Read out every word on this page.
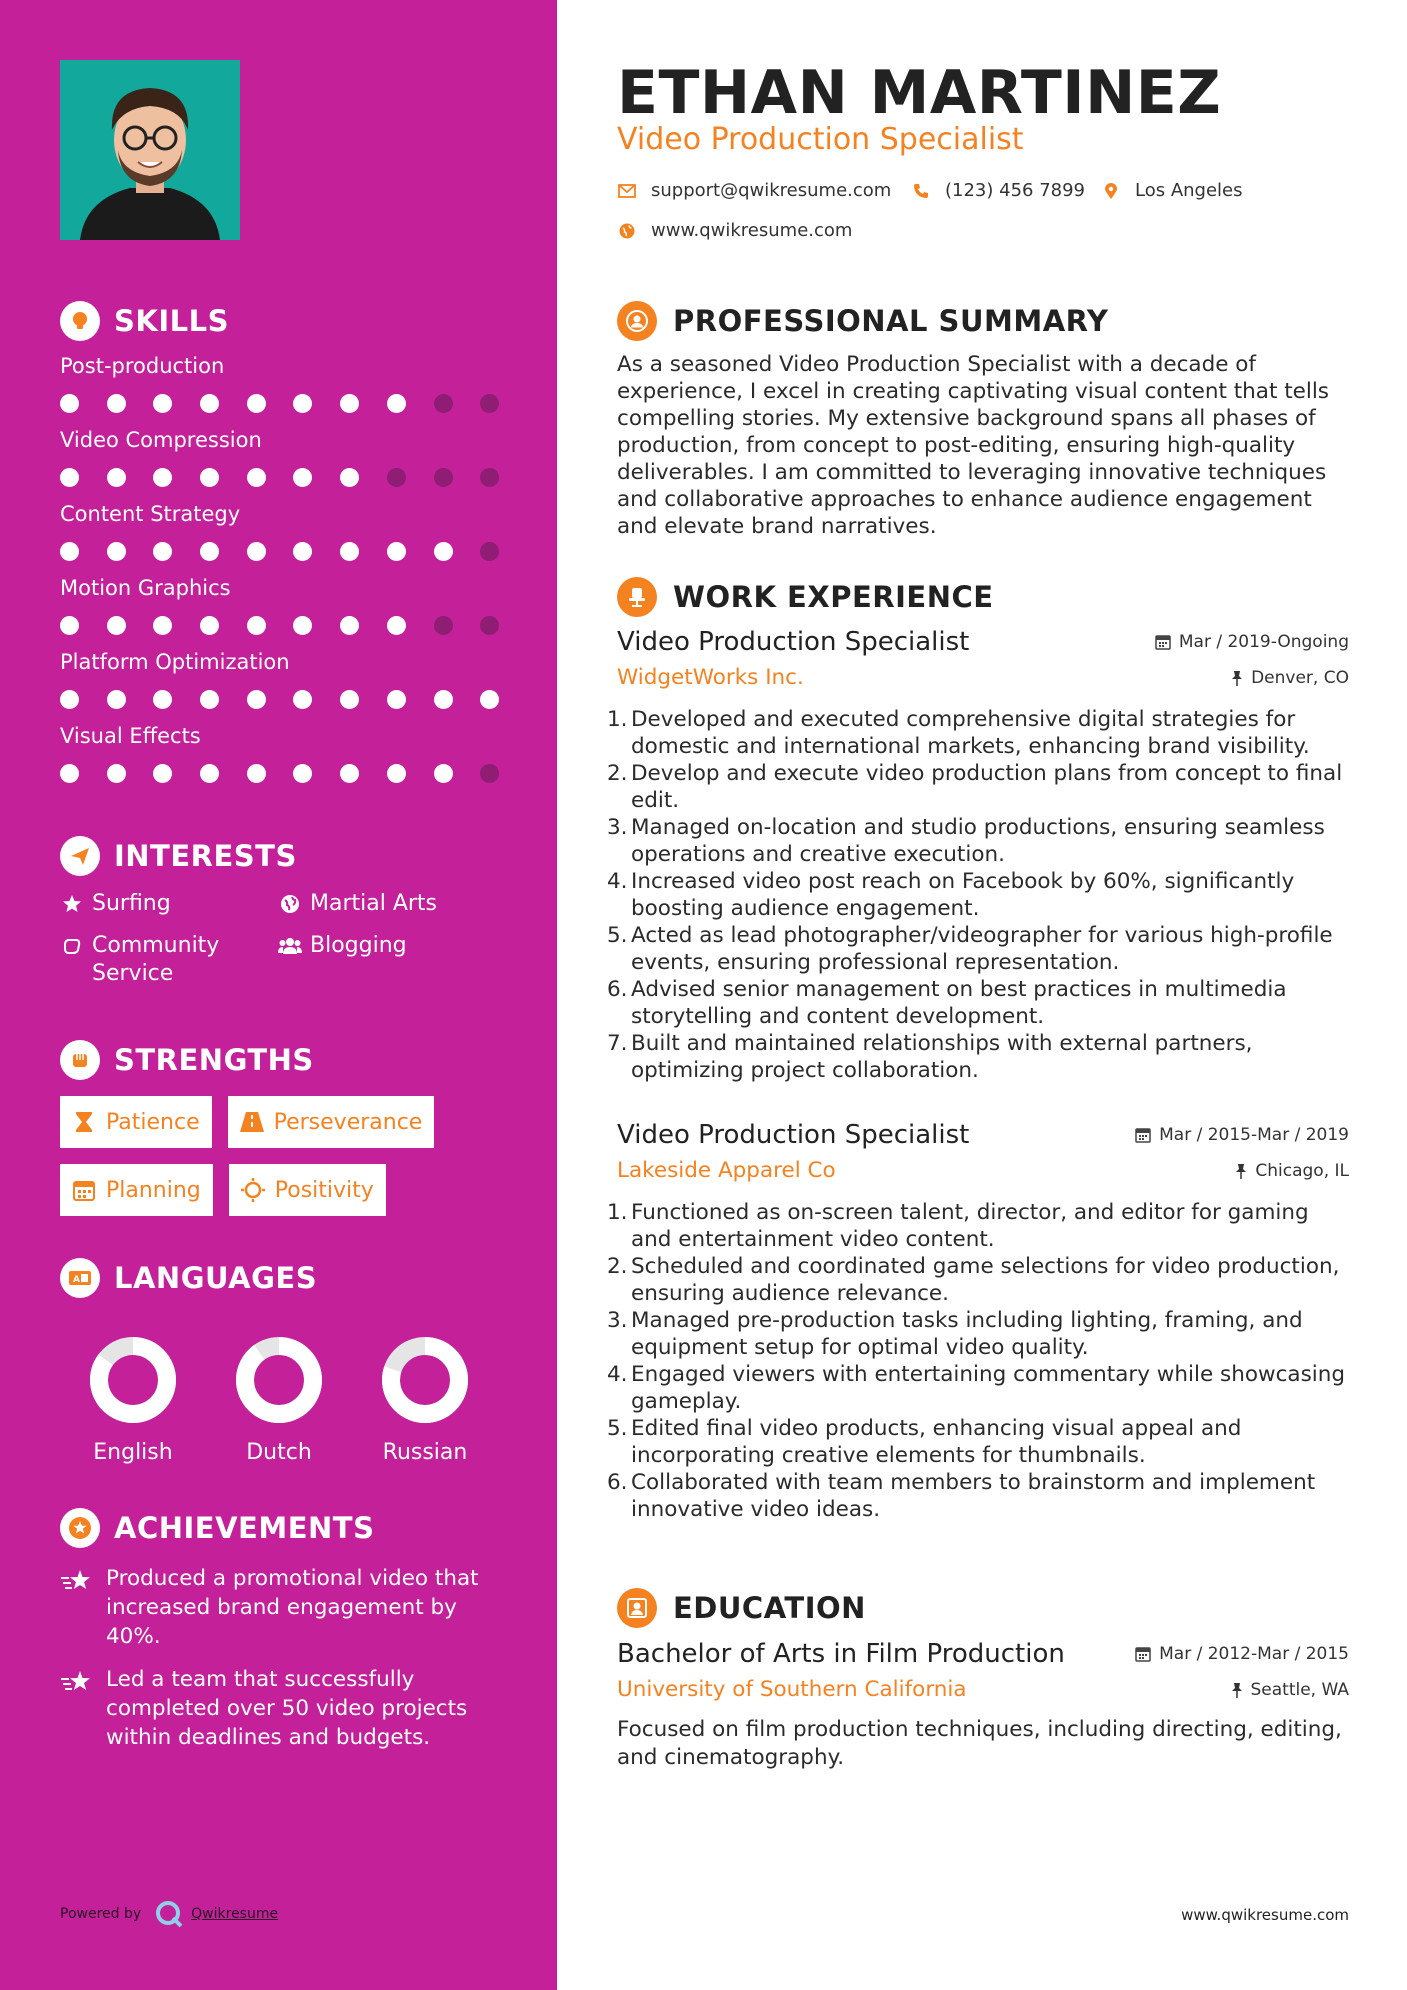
SKILLS
Post-production
Video Compression
Content Strategy
Motion Graphics
Platform Optimization
Visual Effects
INTERESTS
Surfing	Martial Arts
Community Service
Blogging
STRENGTHS
Patience	Perseverance
Planning	Positivity
A LANGUAGES
English	Dutch	Russian
ACHIEVEMENTS
Produced a promotional video that increased brand engagement by 40%.
Led a team that successfully completed over 50 video projects within deadlines and budgets.
Powered by	Qwikresume
ETHAN MARTINEZ
Video Production Specialist
support@qwikresume.com	(123) 456 7899	Los Angeles
www.qwikresume.com
PROFESSIONAL SUMMARY
As a seasoned Video Production Specialist with a decade of experience, I excel in creating captivating visual content that tells compelling stories. My extensive background spans all phases of production, from concept to post-editing, ensuring high-quality deliverables. I am committed to leveraging innovative techniques and collaborative approaches to enhance audience engagement and elevate brand narratives.
WORK EXPERIENCE
Video Production Specialist	Mar / 2019-Ongoing
WidgetWorks Inc.	Denver, CO
1. Developed and executed comprehensive digital strategies for domestic and international markets, enhancing brand visibility.
2. Develop and execute video production plans from concept to final edit.
3. Managed on-location and studio productions, ensuring seamless operations and creative execution.
4. Increased video post reach on Facebook by 60%, significantly boosting audience engagement.
5. Acted as lead photographer/videographer for various high-profile events, ensuring professional representation.
6. Advised senior management on best practices in multimedia storytelling and content development.
7. Built and maintained relationships with external partners, optimizing project collaboration.
Video Production Specialist	Mar / 2015-Mar / 2019
Lakeside Apparel Co	Chicago, IL
1. Functioned as on-screen talent, director, and editor for gaming and entertainment video content.
2. Scheduled and coordinated game selections for video production, ensuring audience relevance.
3. Managed pre-production tasks including lighting, framing, and equipment setup for optimal video quality.
4. Engaged viewers with entertaining commentary while showcasing gameplay.
5. Edited final video products, enhancing visual appeal and incorporating creative elements for thumbnails.
6. Collaborated with team members to brainstorm and implement innovative video ideas.
EDUCATION
Bachelor of Arts in Film Production	Mar / 2012-Mar / 2015
University of Southern California	Seattle, WA
Focused on film production techniques, including directing, editing, and cinematography.
www.qwikresume.com
